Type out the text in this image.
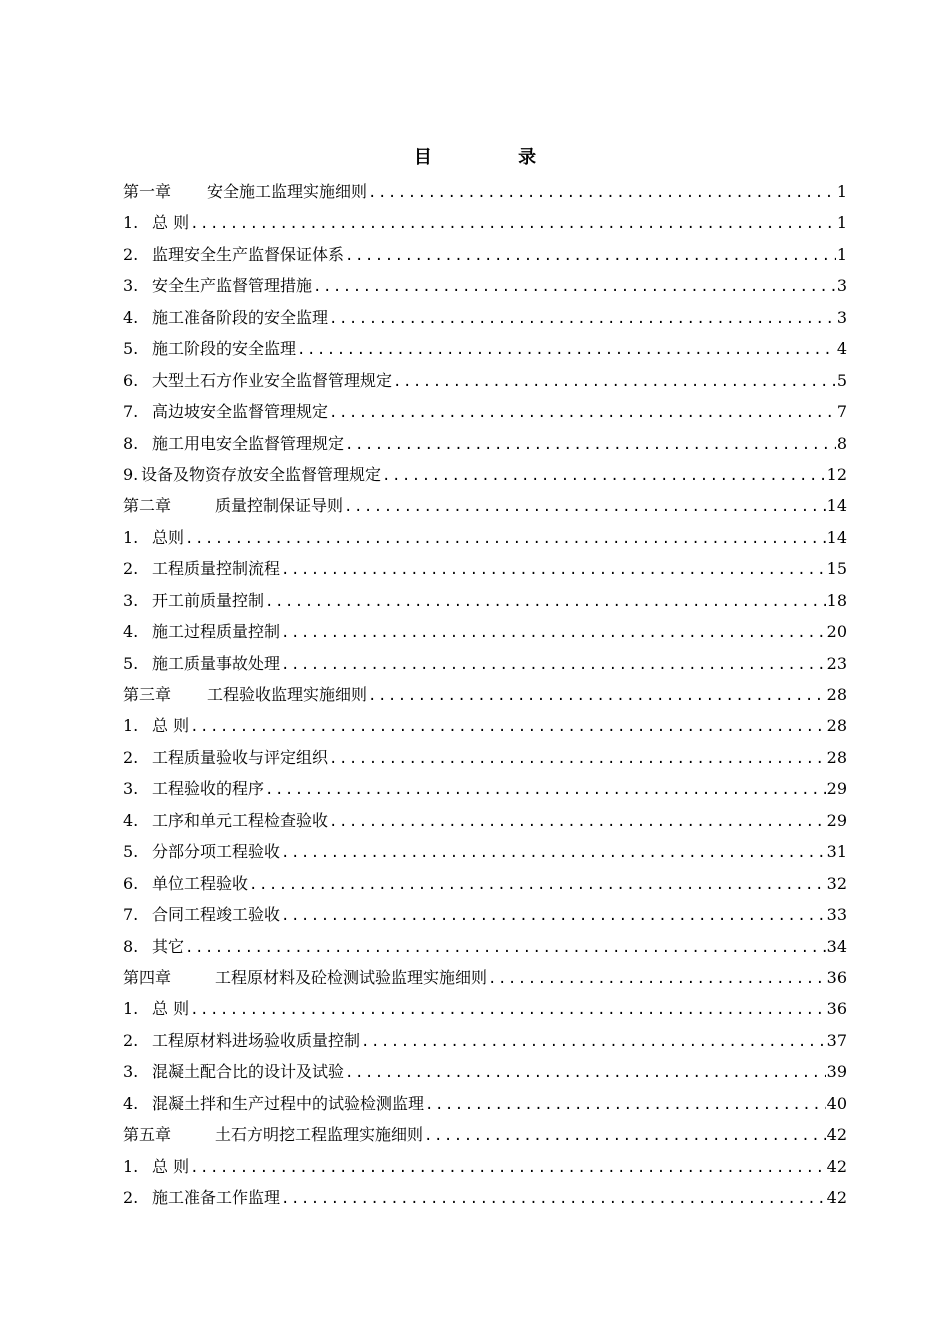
目 录
第一章	安全施工监理实施细则 .....	1
1. 总 则 .....	1
2. 监理安全生产监督保证体系 .....	1
3. 安全生产监督管理措施 .....	3
4. 施工准备阶段的安全监理 .....	3
5. 施工阶段的安全监理 .....	4
6. 大型土石方作业安全监督管理规定 .....	5
7. 高边坡安全监督管理规定 .....	7
8. 施工用电安全监督管理规定 .....	8
9. 设备及物资存放安全监督管理规定 .....	12
第二章	质量控制保证导则 .....	14
1. 总则 .....	14
2. 工程质量控制流程 .....	15
3. 开工前质量控制 .....	18
4. 施工过程质量控制 .....	20
5. 施工质量事故处理 .....	23
第三章	工程验收监理实施细则 .....	28
1. 总 则 .....	28
2. 工程质量验收与评定组织 .....	28
3. 工程验收的程序 .....	29
4. 工序和单元工程检查验收 .....	29
5. 分部分项工程验收 .....	31
6. 单位工程验收 .....	32
7. 合同工程竣工验收 .....	33
8. 其它 .....	34
第四章	工程原材料及砼检测试验监理实施细则 .....	36
1. 总 则 .....	36
2. 工程原材料进场验收质量控制 .....	37
3. 混凝土配合比的设计及试验 .....	39
4. 混凝土拌和生产过程中的试验检测监理 .....	40
第五章	土石方明挖工程监理实施细则 .....	42
1. 总 则 .....	42
2. 施工准备工作监理 .....	42
